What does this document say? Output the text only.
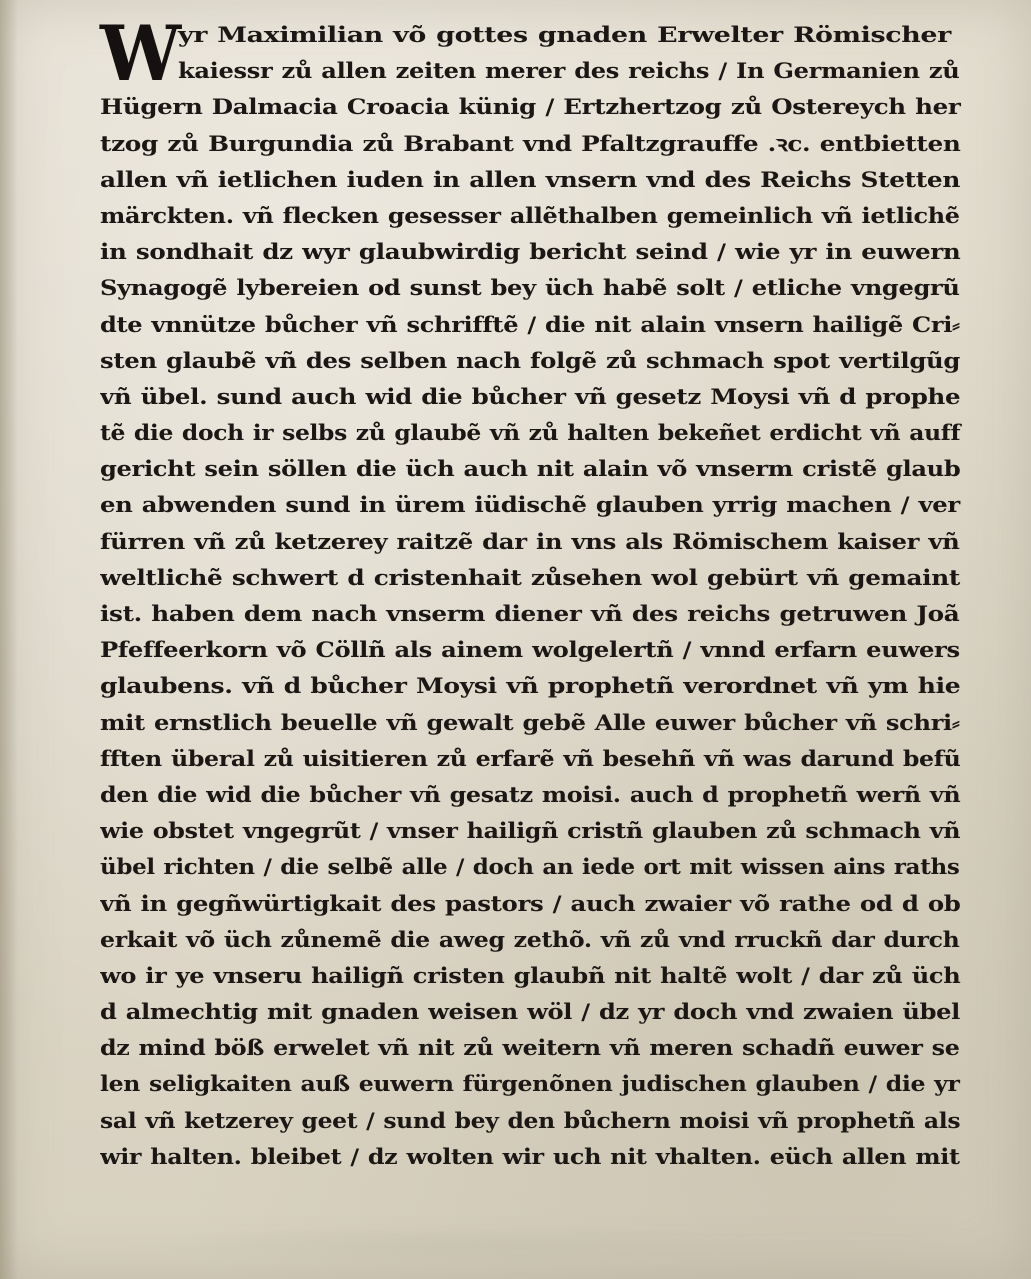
W yr Maximilian võ gottes gnaden Erwelter Römischer
kaiessr zů allen zeiten merer des reichs / In Germanien zů
Hügern Dalmacia Croacia künig / Ertzhertzog zů Ostereych her
tzog zů Burgundia zů Brabant vnd Pfaltzgrauffe .ꝛc. entbietten
allen vñ ietlichen iuden in allen vnsern vnd des Reichs Stetten
märckten. vñ flecken gesesser allẽthalben gemeinlich vñ ietlichẽ
in sondhait dz wyr glaubwirdig bericht seind / wie yr in euwern
Synagogẽ lybereien od sunst bey üch habẽ solt / etliche vngegrũ
dte vnnütze bůcher vñ schrifftẽ / die nit alain vnsern hailigẽ Cri⸗
sten glaubẽ vñ des selben nach folgẽ zů schmach spot vertilgũg
vñ übel. sund auch wid die bůcher vñ gesetz Moysi vñ d prophe
tẽ die doch ir selbs zů glaubẽ vñ zů halten bekeñet erdicht vñ auff
gericht sein söllen die üch auch nit alain võ vnserm cristẽ glaub
en abwenden sund in ürem iüdischẽ glauben yrrig machen / ver
fürren vñ zů ketzerey raitzẽ dar in vns als Römischem kaiser vñ
weltlichẽ schwert d cristenhait zůsehen wol gebürt vñ gemaint
ist. haben dem nach vnserm diener vñ des reichs getruwen Joã
Pfeffeerkorn võ Cöllñ als ainem wolgelertñ / vnnd erfarn euwers
glaubens. vñ d bůcher Moysi vñ prophetñ verordnet vñ ym hie
mit ernstlich beuelle vñ gewalt gebẽ Alle euwer bůcher vñ schri⸗
fften überal zů uisitieren zů erfarẽ vñ besehñ vñ was darund befũ
den die wid die bůcher vñ gesatz moisi. auch d prophetñ werñ vñ
wie obstet vngegrũt / vnser hailigñ cristñ glauben zů schmach vñ
übel richten / die selbẽ alle / doch an iede ort mit wissen ains raths
vñ in gegñwürtigkait des pastors / auch zwaier võ rathe od d ob
erkait võ üch zůnemẽ die aweg zethõ. vñ zů vnd rruckñ dar durch
wo ir ye vnseru hailigñ cristen glaubñ nit haltẽ wolt / dar zů üch
d almechtig mit gnaden weisen wöl / dz yr doch vnd zwaien übel
dz mind böß erwelet vñ nit zů weitern vñ meren schadñ euwer se
len seligkaiten auß euwern fürgenõnen judischen glauben / die yr
sal vñ ketzerey geet / sund bey den bůchern moisi vñ prophetñ als
wir halten. bleibet / dz wolten wir uch nit vhalten. eüch allen mit
